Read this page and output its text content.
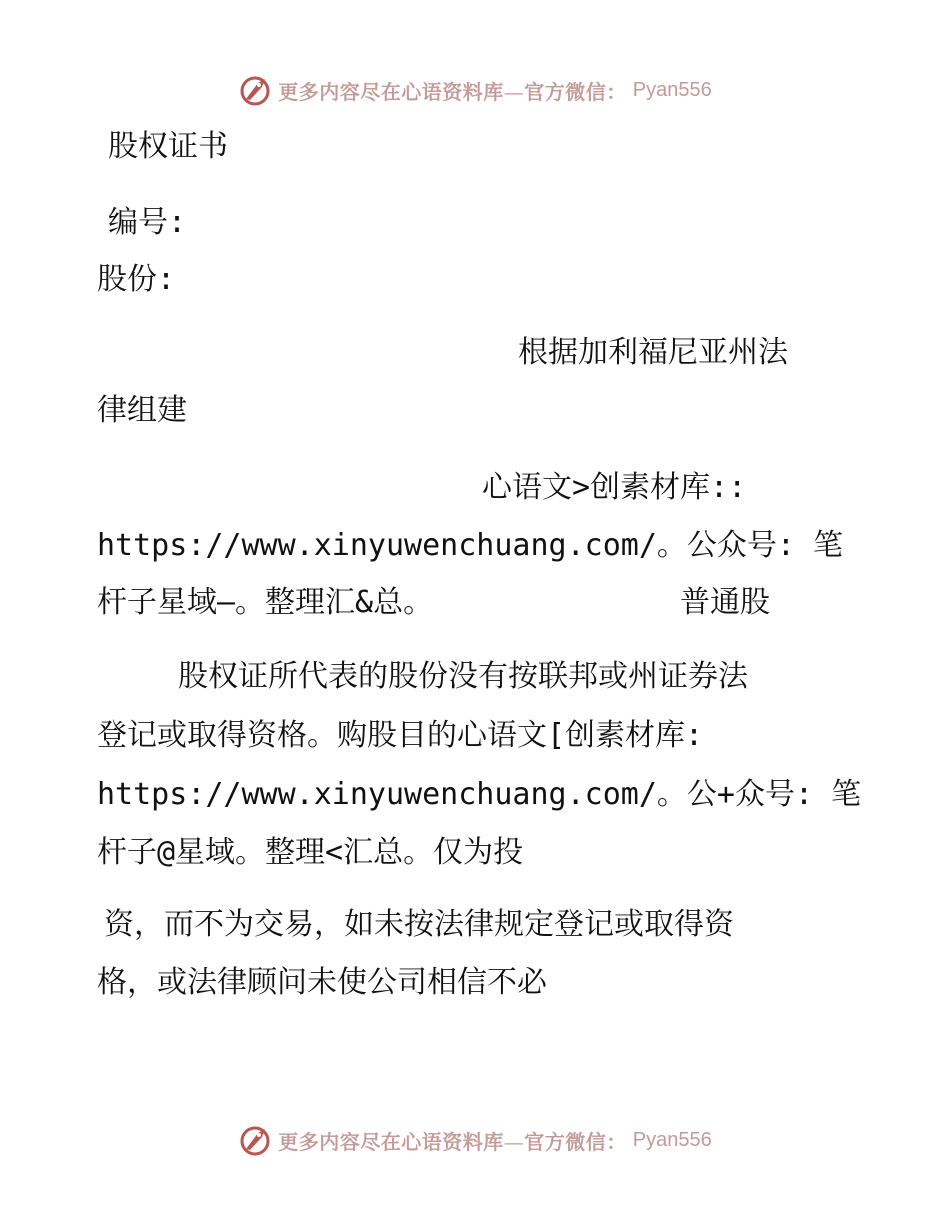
更多内容尽在心语资料库—官方微信： Pyan556
股权证书
编号:
股份:
根据加利福尼亚州法
律组建
心语文>创素材库::
https://www.xinyuwenchuang.com/。公众号: 笔
杆子星域—。整理汇&总。	普通股
股权证所代表的股份没有按联邦或州证券法
登记或取得资格。购股目的心语文[创素材库:
https://www.xinyuwenchuang.com/。公+众号: 笔
杆子@星域。整理<汇总。仅为投
资，而不为交易，如未按法律规定登记或取得资
格，或法律顾问未使公司相信不必
更多内容尽在心语资料库—官方微信： Pyan556
